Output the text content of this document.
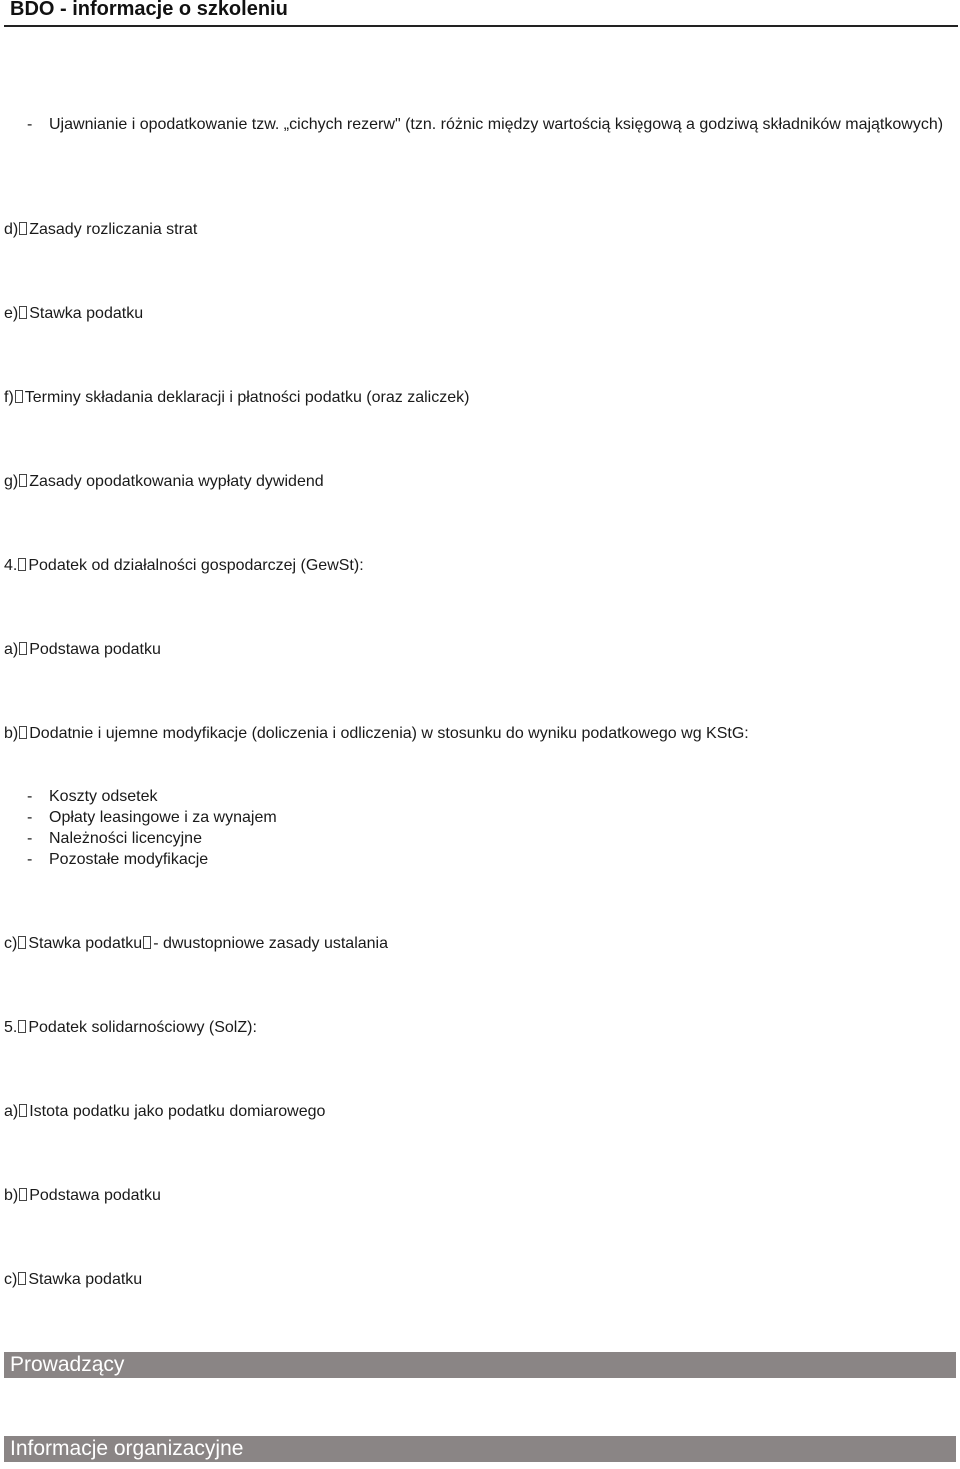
BDO - informacje o szkoleniu
-	Ujawnianie i opodatkowanie tzw. „cichych rezerw" (tzn. różnic między wartością księgową a godziwą składników majątkowych)
d) Zasady rozliczania strat
e) Stawka podatku
f) Terminy składania deklaracji i płatności podatku (oraz zaliczek)
g) Zasady opodatkowania wypłaty dywidend
4. Podatek od działalności gospodarczej (GewSt):
a) Podstawa podatku
b) Dodatnie i ujemne modyfikacje (doliczenia i odliczenia) w stosunku do wyniku podatkowego wg KStG:
- Koszty odsetek
- Opłaty leasingowe i za wynajem
- Należności licencyjne
- Pozostałe modyfikacje
c) Stawka podatku - dwustopniowe zasady ustalania
5. Podatek solidarnościowy (SolZ):
a) Istota podatku jako podatku domiarowego
b) Podstawa podatku
c) Stawka podatku
Prowadzący
Informacje organizacyjne
